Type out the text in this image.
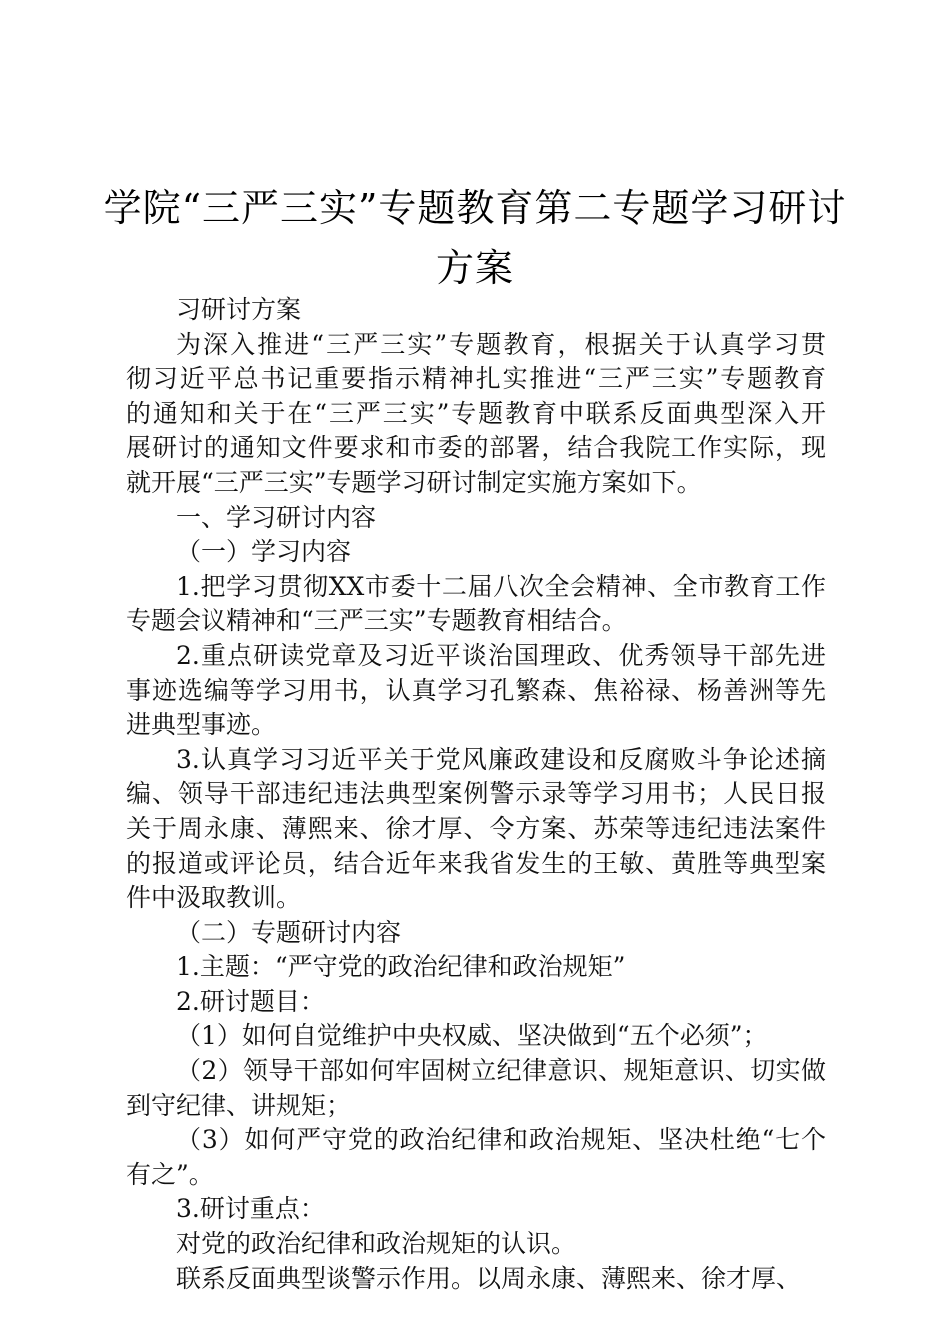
学院“三严三实”专题教育第二专题学习研讨
方案
习研讨方案
为深入推进“三严三实”专题教育，根据关于认真学习贯
彻习近平总书记重要指示精神扎实推进“三严三实”专题教育
的通知和关于在“三严三实”专题教育中联系反面典型深入开
展研讨的通知文件要求和市委的部署，结合我院工作实际，现
就开展“三严三实”专题学习研讨制定实施方案如下。
一、学习研讨内容
（一）学习内容
1.把学习贯彻XX市委十二届八次全会精神、全市教育工作
专题会议精神和“三严三实”专题教育相结合。
2.重点研读党章及习近平谈治国理政、优秀领导干部先进
事迹选编等学习用书，认真学习孔繁森、焦裕禄、杨善洲等先
进典型事迹。
3.认真学习习近平关于党风廉政建设和反腐败斗争论述摘
编、领导干部违纪违法典型案例警示录等学习用书；人民日报
关于周永康、薄熙来、徐才厚、令方案、苏荣等违纪违法案件
的报道或评论员，结合近年来我省发生的王敏、黄胜等典型案
件中汲取教训。
（二）专题研讨内容
1.主题：“严守党的政治纪律和政治规矩”
2.研讨题目：
（1）如何自觉维护中央权威、坚决做到“五个必须”；
（2）领导干部如何牢固树立纪律意识、规矩意识、切实做
到守纪律、讲规矩；
（3）如何严守党的政治纪律和政治规矩、坚决杜绝“七个
有之”。
3.研讨重点：
对党的政治纪律和政治规矩的认识。
联系反面典型谈警示作用。以周永康、薄熙来、徐才厚、
